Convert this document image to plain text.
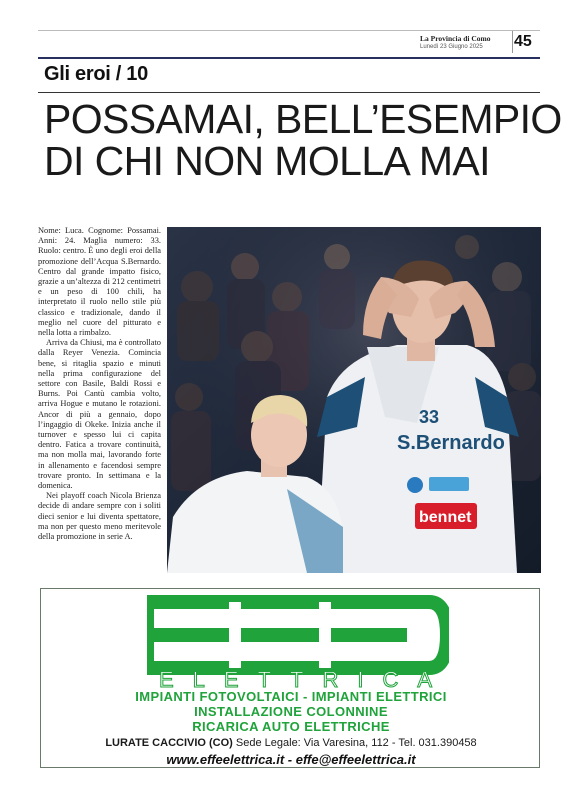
La Provincia di Como
Lunedì 23 Giugno 2025	45
Gli eroi / 10
POSSAMAI, BELL’ESEMPIO
DI CHI NON MOLLA MAI

Nome: Luca. Cognome: Possamai. Anni: 24. Maglia numero: 33. Ruolo: centro. È uno degli eroi della promozione dell’Acqua S.Bernardo. Centro dal grande impatto fisico, grazie a un’altezza di 212 centimetri e un peso di 100 chili, ha interpretato il ruolo nello stile più classico e tradizionale, dando il meglio nel cuore del pitturato e nella lotta a rimbalzo.

Arriva da Chiusi, ma è controllato dalla Reyer Venezia. Comincia bene, si ritaglia spazio e minuti nella prima configurazione del settore con Basile, Baldi Rossi e Burns. Poi Cantù cambia volto, arriva Hogue e mutano le rotazioni. Ancor di più a gennaio, dopo l’ingaggio di Okeke. Inizia anche il turnover e spesso lui ci capita dentro. Fatica a trovare continuità, ma non molla mai, lavorando forte in allenamento e facendosi sempre trovare pronto. In settimana e la domenica.

Nei playoff coach Nicola Brienza decide di andare sempre con i soliti dieci senior e lui diventa spettatore, ma non per questo meno meritevole della promozione in serie A.

S.Bernardo
bennet
33
ELETTRICA
IMPIANTI FOTOVOLTAICI - IMPIANTI ELETTRICI
INSTALLAZIONE COLONNINE
RICARICA AUTO ELETTRICHE
LURATE CACCIVIO (CO) Sede Legale: Via Varesina, 112 - Tel. 031.390458
www.effeelettrica.it - effe@effeelettrica.it
